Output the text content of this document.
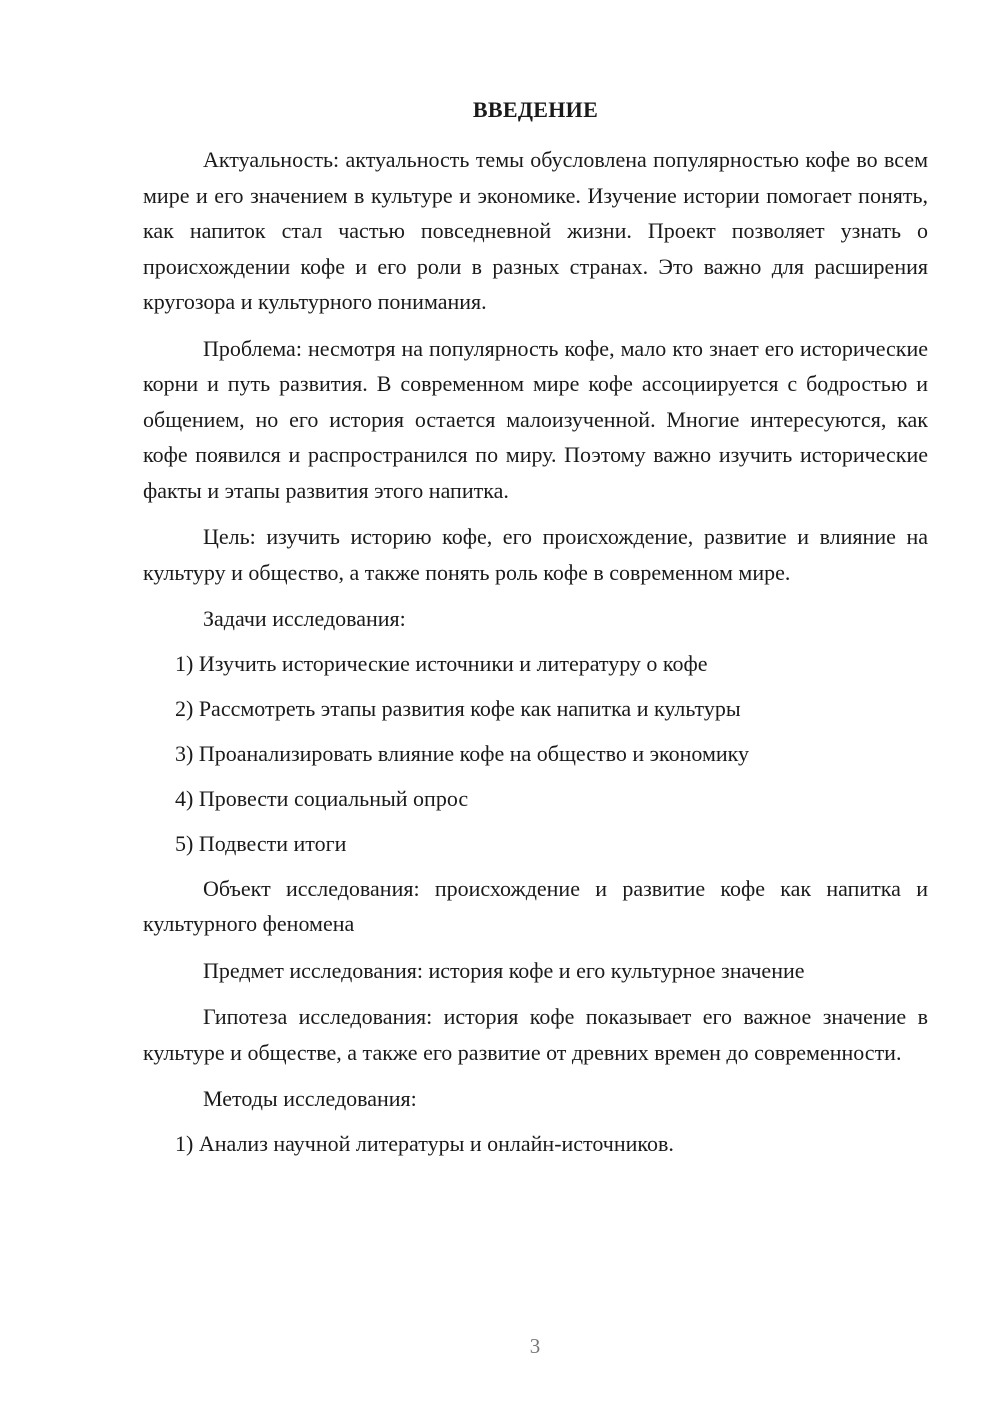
ВВЕДЕНИЕ

Актуальность: актуальность темы обусловлена популярностью кофе во всем мире и его значением в культуре и экономике. Изучение истории помогает понять, как напиток стал частью повседневной жизни. Проект позволяет узнать о происхождении кофе и его роли в разных странах. Это важно для расширения кругозора и культурного понимания.

Проблема: несмотря на популярность кофе, мало кто знает его исторические корни и путь развития. В современном мире кофе ассоциируется с бодростью и общением, но его история остается малоизученной. Многие интересуются, как кофе появился и распространился по миру. Поэтому важно изучить исторические факты и этапы развития этого напитка.

Цель: изучить историю кофе, его происхождение, развитие и влияние на культуру и общество, а также понять роль кофе в современном мире.

Задачи исследования:
1) Изучить исторические источники и литературу о кофе
2) Рассмотреть этапы развития кофе как напитка и культуры
3) Проанализировать влияние кофе на общество и экономику
4) Провести социальный опрос
5) Подвести итоги

Объект исследования: происхождение и развитие кофе как напитка и культурного феномена

Предмет исследования: история кофе и его культурное значение

Гипотеза исследования: история кофе показывает его важное значение в культуре и обществе, а также его развитие от древних времен до современности.

Методы исследования:
1) Анализ научной литературы и онлайн-источников.
3
